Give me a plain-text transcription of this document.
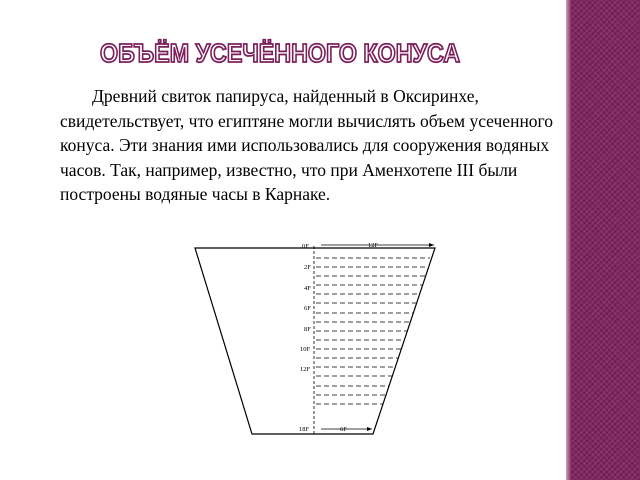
ОБЪЁМ УСЕЧЁННОГО КОНУСА

Древний свиток папируса, найденный в Оксиринхе, свидетельствует, что египтяне могли вычислять объем усеченного конуса. Эти знания ими использовались для сооружения водяных часов. Так, например, известно, что при Аменхотепе III были построены водяные часы в Карнаке.

12F
6F
0F
2F
4F
6F
8F
10F
12F
18F
